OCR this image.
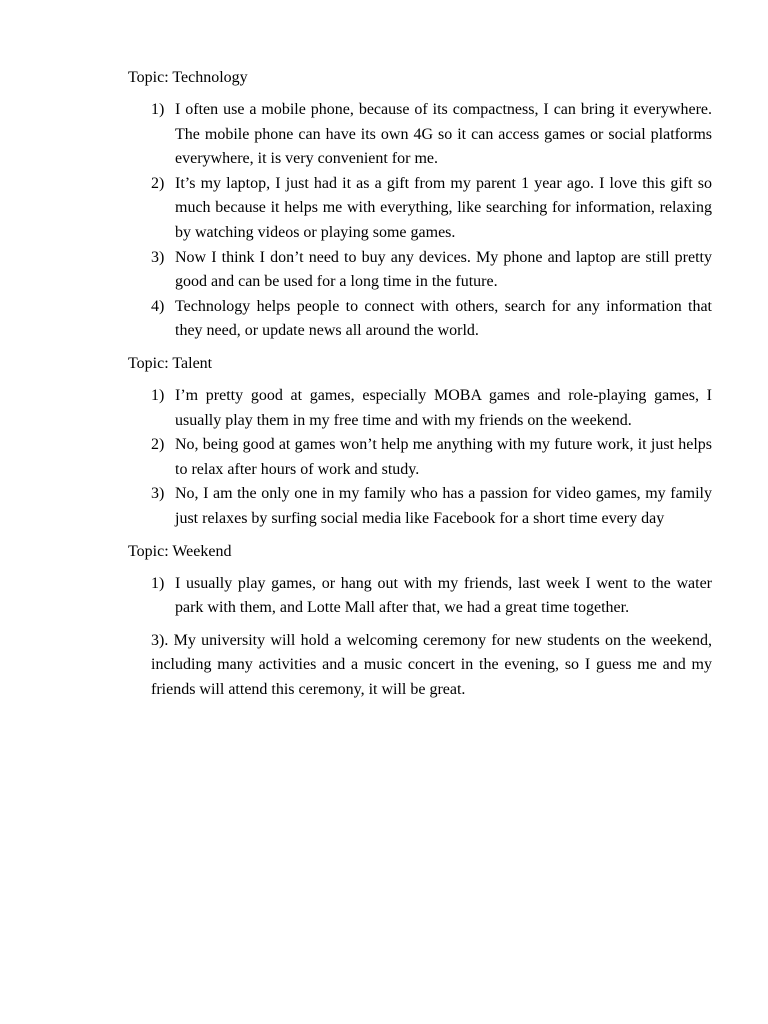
Topic: Technology
1) I often use a mobile phone, because of its compactness, I can bring it everywhere. The mobile phone can have its own 4G so it can access games or social platforms everywhere, it is very convenient for me.
2) It’s my laptop, I just had it as a gift from my parent 1 year ago. I love this gift so much because it helps me with everything, like searching for information, relaxing by watching videos or playing some games.
3) Now I think I don’t need to buy any devices. My phone and laptop are still pretty good and can be used for a long time in the future.
4) Technology helps people to connect with others, search for any information that they need, or update news all around the world.
Topic: Talent
1) I’m pretty good at games, especially MOBA games and role-playing games, I usually play them in my free time and with my friends on the weekend.
2) No, being good at games won’t help me anything with my future work, it just helps to relax after hours of work and study.
3) No, I am the only one in my family who has a passion for video games, my family just relaxes by surfing social media like Facebook for a short time every day
Topic: Weekend
1) I usually play games, or hang out with my friends, last week I went to the water park with them, and Lotte Mall after that, we had a great time together.
3). My university will hold a welcoming ceremony for new students on the weekend, including many activities and a music concert in the evening, so I guess me and my friends will attend this ceremony, it will be great.
